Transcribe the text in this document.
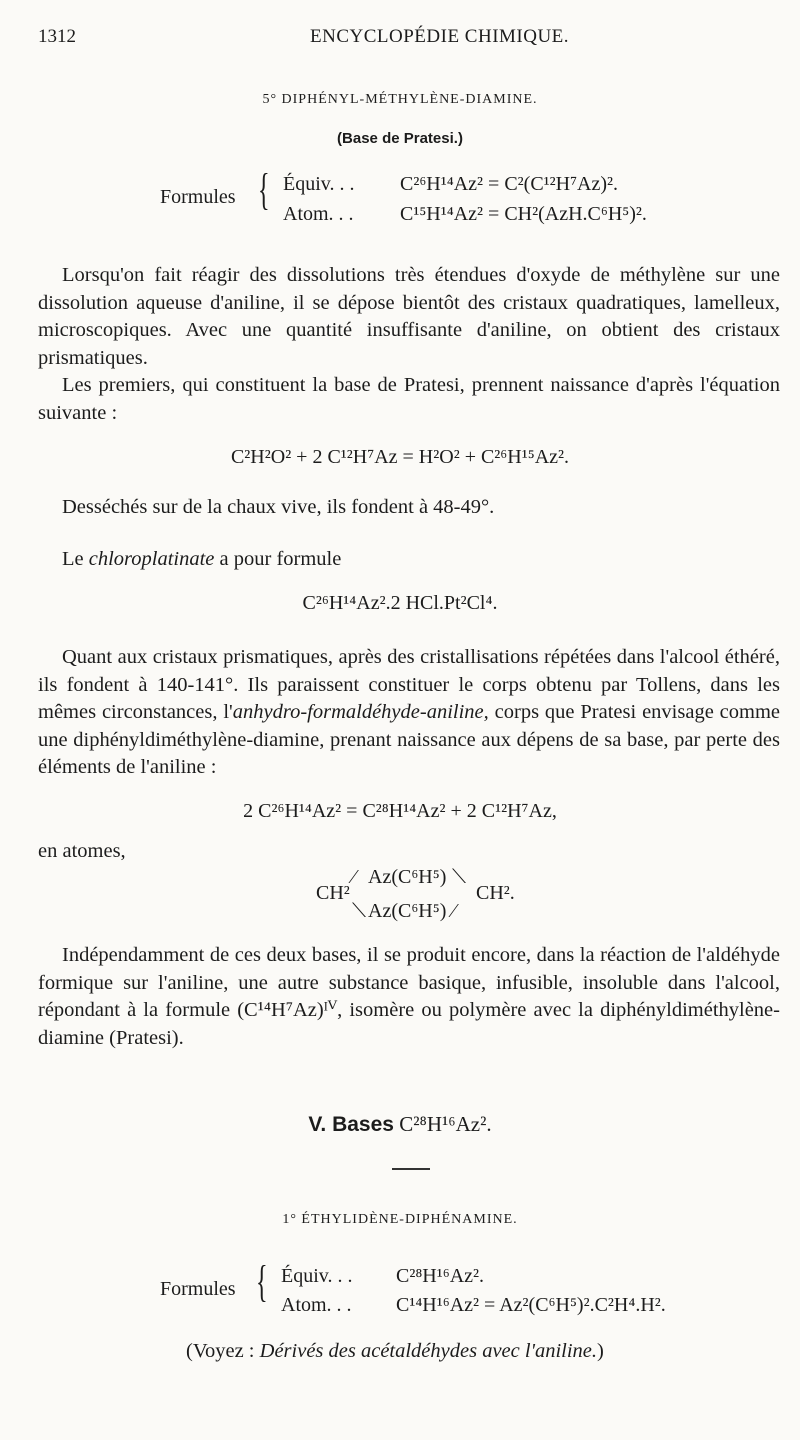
1312	ENCYCLOPÉDIE CHIMIQUE.
5° DIPHÉNYL-MÉTHYLÈNE-DIAMINE.
(Base de Pratesi.)
Formules { Équiv. . . C²⁶H¹⁴Az² = C²(C¹²H⁷Az)².
Atom. . . C¹⁵H¹⁴Az² = CH²(AzH.C⁶H⁵)².
Lorsqu'on fait réagir des dissolutions très étendues d'oxyde de méthylène sur une dissolution aqueuse d'aniline, il se dépose bientôt des cristaux quadratiques, lamelleux, microscopiques. Avec une quantité insuffisante d'aniline, on obtient des cristaux prismatiques.
Les premiers, qui constituent la base de Pratesi, prennent naissance d'après l'équation suivante :
C²H²O² + 2 C¹²H⁷Az = H²O² + C²⁶H¹⁵Az².
Desséchés sur de la chaux vive, ils fondent à 48-49°.
Le chloroplatinate a pour formule
C²⁶H¹⁴Az².2 HCl.Pt²Cl⁴.
Quant aux cristaux prismatiques, après des cristallisations répétées dans l'alcool éthéré, ils fondent à 140-141°. Ils paraissent constituer le corps obtenu par Tollens, dans les mêmes circonstances, l'anhydro-formaldéhyde-aniline, corps que Pratesi envisage comme une diphényldiméthylène-diamine, prenant naissance aux dépens de sa base, par perte des éléments de l'aniline :
2 C²⁶H¹⁴Az² = C²⁸H¹⁴Az² + 2 C¹²H⁷Az,
en atomes,
CH²
⁄ Az(C⁶H⁵) ⟍
⟍ Az(C⁶H⁵) ⁄
CH².
Indépendamment de ces deux bases, il se produit encore, dans la réaction de l'aldéhyde formique sur l'aniline, une autre substance basique, infusible, insoluble dans l'alcool, répondant à la formule (C¹⁴H⁷Az)ᴵⱽ, isomère ou polymère avec la diphényldiméthylène-diamine (Pratesi).
V. Bases C²⁸H¹⁶Az².
1° ÉTHYLIDÈNE-DIPHÉNAMINE.
Formules { Équiv. . . C²⁸H¹⁶Az².
Atom. . . C¹⁴H¹⁶Az² = Az²(C⁶H⁵)².C²H⁴.H².
(Voyez : Dérivés des acétaldéhydes avec l'aniline.)
